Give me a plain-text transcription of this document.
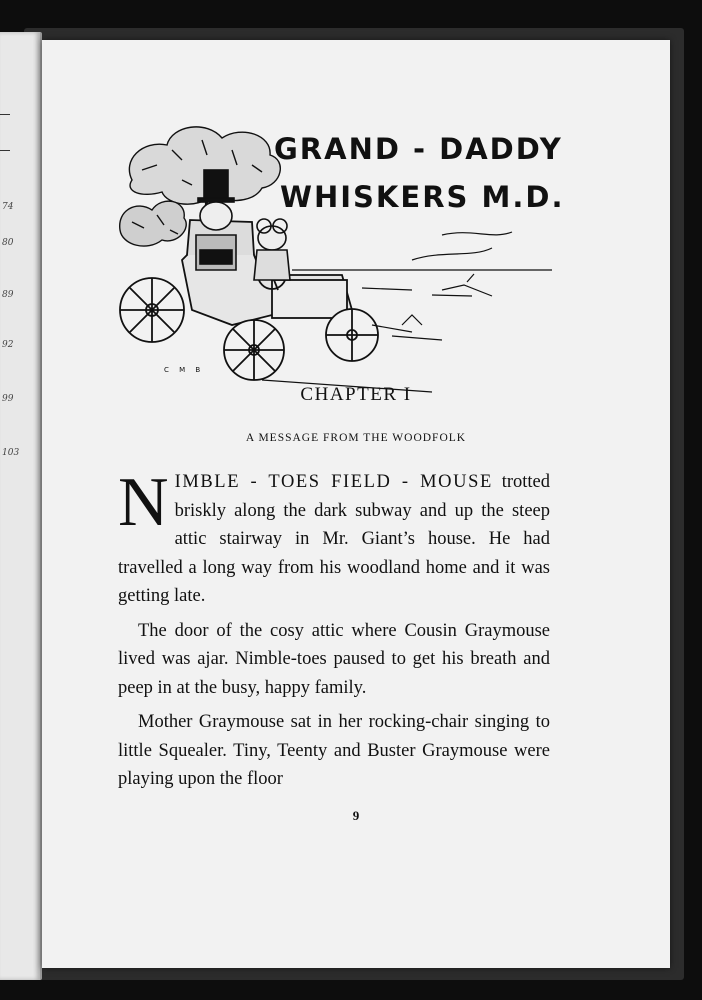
74
80
89
92
99
103
C M B
GRAND - DADDY
WHISKERS M.D.
CHAPTER I
A MESSAGE FROM THE WOODFOLK

NIMBLE - TOES FIELD - MOUSE trotted briskly along the dark subway and up the steep attic stairway in Mr. Giant’s house. He had travelled a long way from his woodland home and it was getting late.

The door of the cosy attic where Cousin Graymouse lived was ajar. Nimble-toes paused to get his breath and peep in at the busy, happy family.

Mother Graymouse sat in her rocking-chair singing to little Squealer. Tiny, Teenty and Buster Graymouse were playing upon the floor

9
